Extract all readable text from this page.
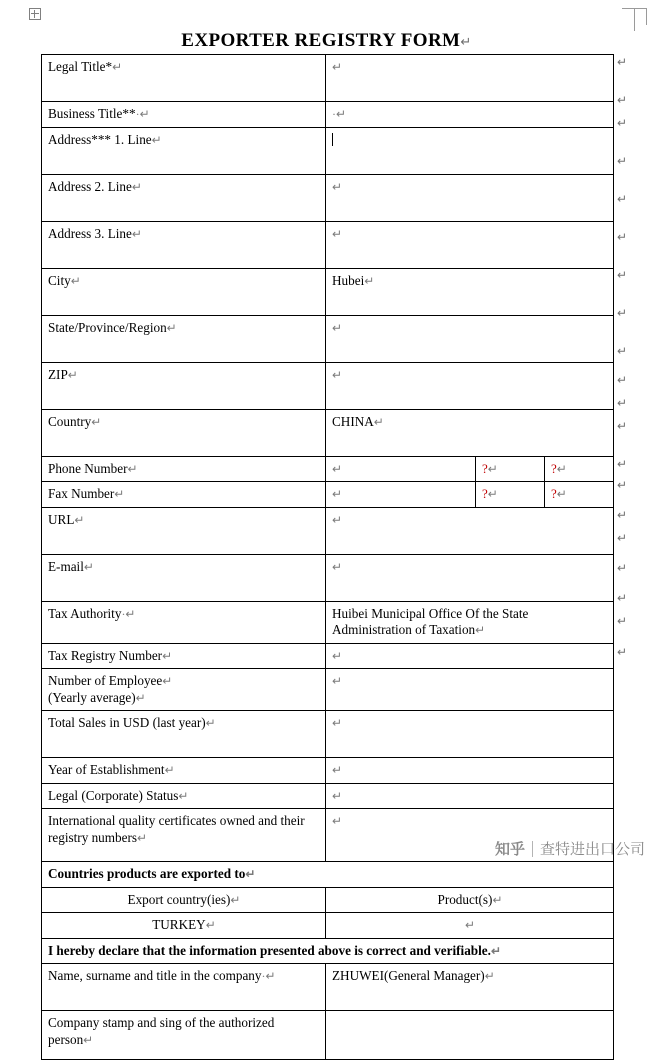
EXPORTER REGISTRY FORM↵
Legal Title*↵	↵		
Business Title**·↵	·↵		
Address*** 1. Line↵			
Address 2. Line↵	↵		
Address 3. Line↵	↵		
City↵	Hubei↵		
State/Province/Region↵	↵		
ZIP↵	↵		
Country↵	CHINA↵		
Phone Number↵	↵	?↵	?↵
Fax Number↵	↵	?↵	?↵
URL↵	↵		
E-mail↵	↵		
Tax Authority·↵	Huibei Municipal Office Of the State Administration of Taxation↵		
Tax Registry Number↵	↵		
Number of Employee↵
(Yearly average)↵	↵		
Total Sales in USD (last year)↵	↵		
Year of Establishment↵	↵		
Legal (Corporate) Status↵	↵		
International quality certificates owned and their registry numbers↵	↵		
Countries products are exported to↵			
Export country(ies)↵	Product(s)↵		
TURKEY↵	↵		
I hereby declare that the information presented above is correct and verifiable.↵			
Name, surname and title in the company·↵	ZHUWEI(General Manager)↵		
Company stamp and sing of the authorized person↵			
↵
↵
↵
↵
↵
↵
↵
↵
↵
↵
↵
↵
↵
↵
↵
↵
↵
↵
↵
↵
知乎 查特进出口公司
